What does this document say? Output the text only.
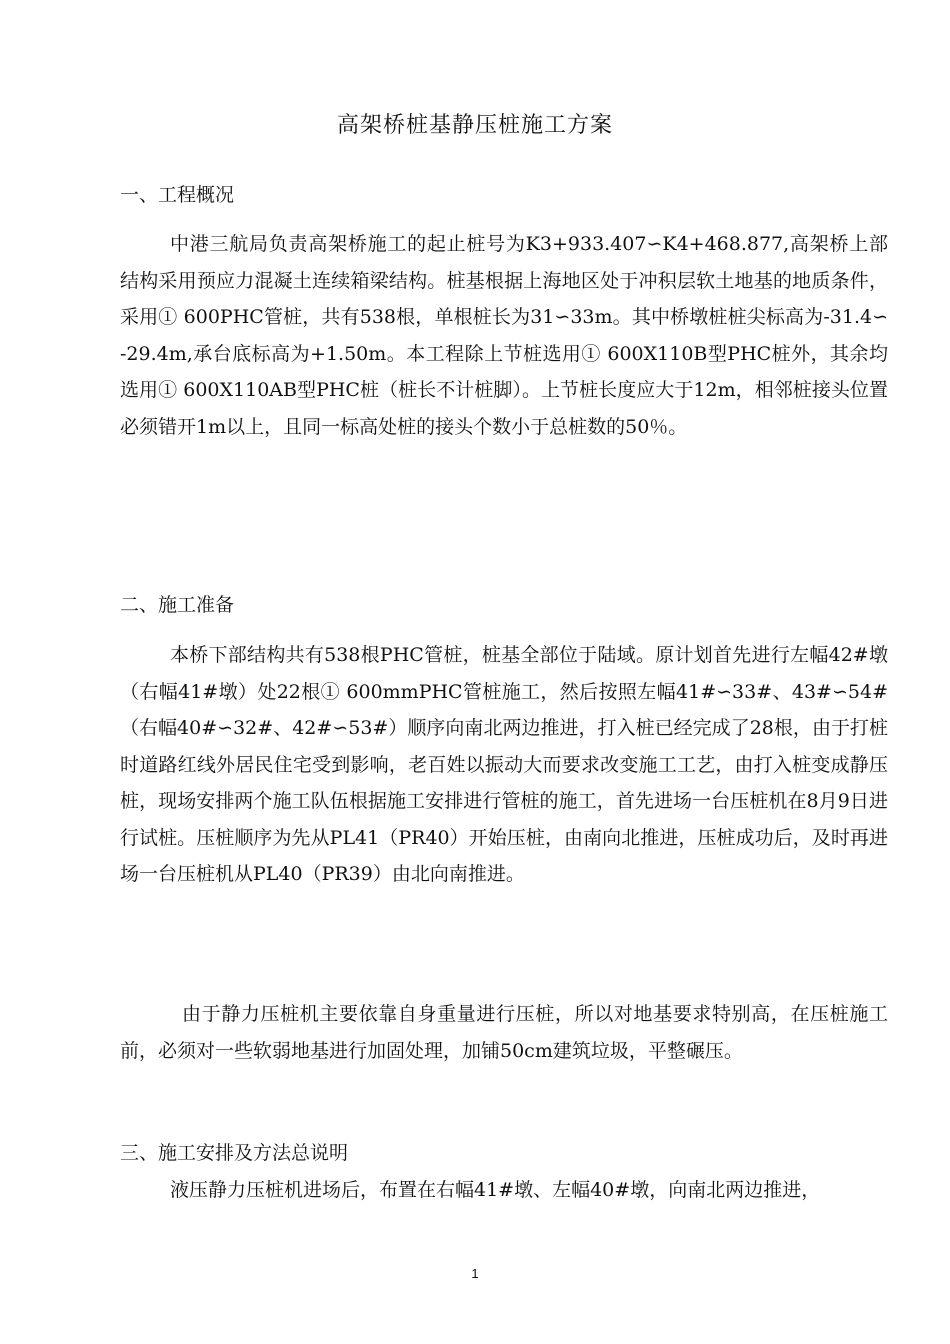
高架桥桩基静压桩施工方案
一、工程概况
中港三航局负责高架桥施工的起止桩号为K3+933.407∽K4+468.877,高架桥上部结构采用预应力混凝土连续箱梁结构。桩基根据上海地区处于冲积层软土地基的地质条件，采用① 600PHC管桩，共有538根，单根桩长为31∽33m。其中桥墩桩桩尖标高为-31.4∽-29.4m,承台底标高为+1.50m。本工程除上节桩选用① 600X110B型PHC桩外，其余均选用① 600X110AB型PHC桩（桩长不计桩脚）。上节桩长度应大于12m，相邻桩接头位置必须错开1m以上，且同一标高处桩的接头个数小于总桩数的50％。
二、施工准备
本桥下部结构共有538根PHC管桩，桩基全部位于陆域。原计划首先进行左幅42#墩（右幅41#墩）处22根① 600mmPHC管桩施工，然后按照左幅41#∽33#、43#∽54#（右幅40#∽32#、42#∽53#）顺序向南北两边推进，打入桩已经完成了28根，由于打桩时道路红线外居民住宅受到影响，老百姓以振动大而要求改变施工工艺，由打入桩变成静压桩，现场安排两个施工队伍根据施工安排进行管桩的施工，首先进场一台压桩机在8月9日进行试桩。压桩顺序为先从PL41（PR40）开始压桩，由南向北推进，压桩成功后，及时再进场一台压桩机从PL40（PR39）由北向南推进。
由于静力压桩机主要依靠自身重量进行压桩，所以对地基要求特别高，在压桩施工前，必须对一些软弱地基进行加固处理，加铺50cm建筑垃圾，平整碾压。
三、施工安排及方法总说明
液压静力压桩机进场后，布置在右幅41#墩、左幅40#墩，向南北两边推进，
1
